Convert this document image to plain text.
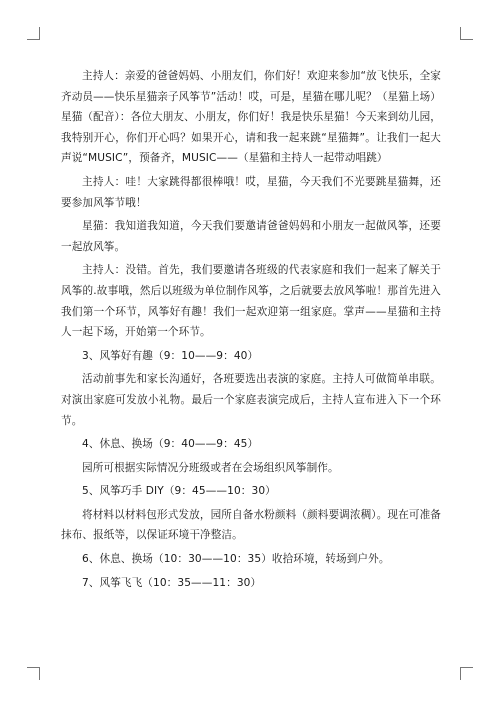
主持人：亲爱的爸爸妈妈、小朋友们，你们好！欢迎来参加“放飞快乐，全家齐动员——快乐星猫亲子风筝节”活动！哎，可是，星猫在哪儿呢？（星猫上场）星猫（配音）：各位大朋友、小朋友，你们好！我是快乐星猫！今天来到幼儿园，我特别开心，你们开心吗？如果开心，请和我一起来跳“星猫舞”。让我们一起大声说“MUSIC”，预备齐，MUSIC——（星猫和主持人一起带动唱跳）

主持人：哇！大家跳得都很棒哦！哎，星猫，今天我们不光要跳星猫舞，还要参加风筝节哦！

星猫：我知道我知道，今天我们要邀请爸爸妈妈和小朋友一起做风筝，还要一起放风筝。

主持人：没错。首先，我们要邀请各班级的代表家庭和我们一起来了解关于风筝的.故事哦，然后以班级为单位制作风筝，之后就要去放风筝啦！那首先进入我们第一个环节，风筝好有趣！我们一起欢迎第一组家庭。掌声——星猫和主持人一起下场，开始第一个环节。

3、风筝好有趣（9：10——9：40）

活动前事先和家长沟通好，各班要选出表演的家庭。主持人可做简单串联。对演出家庭可发放小礼物。最后一个家庭表演完成后，主持人宣布进入下一个环节。

4、休息、换场（9：40——9：45）

园所可根据实际情况分班级或者在会场组织风筝制作。

5、风筝巧手 DIY（9：45——10：30）

将材料以材料包形式发放，园所自备水粉颜料（颜料要调浓稠）。现在可准备抹布、报纸等，以保证环境干净整洁。

6、休息、换场（10：30——10：35）收拾环境，转场到户外。

7、风筝飞飞（10：35——11：30）
